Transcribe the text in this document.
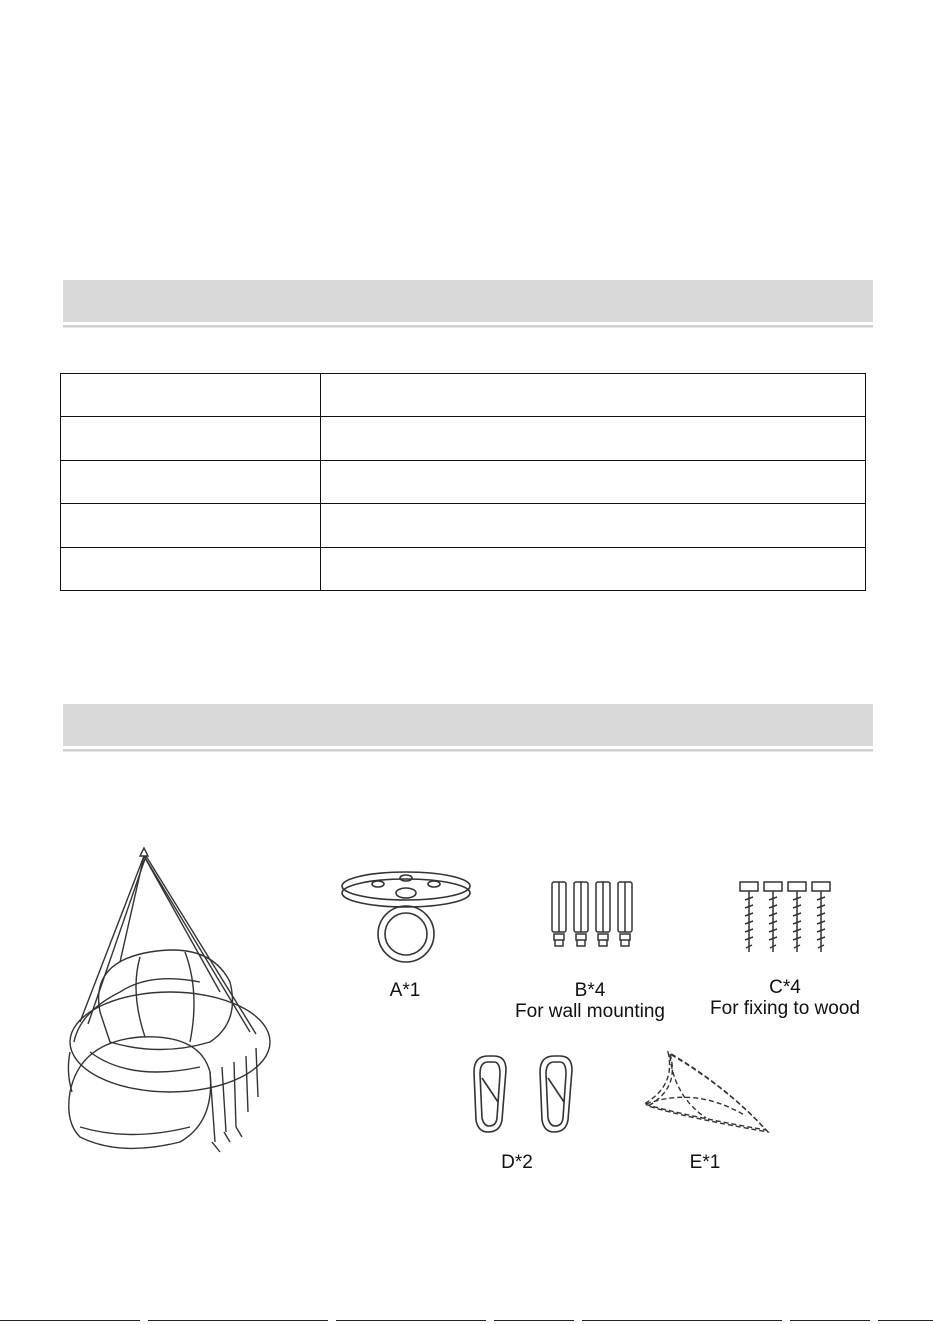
A*1	B*4
For wall mounting
C*4
For fixing to wood
D*2	E*1
